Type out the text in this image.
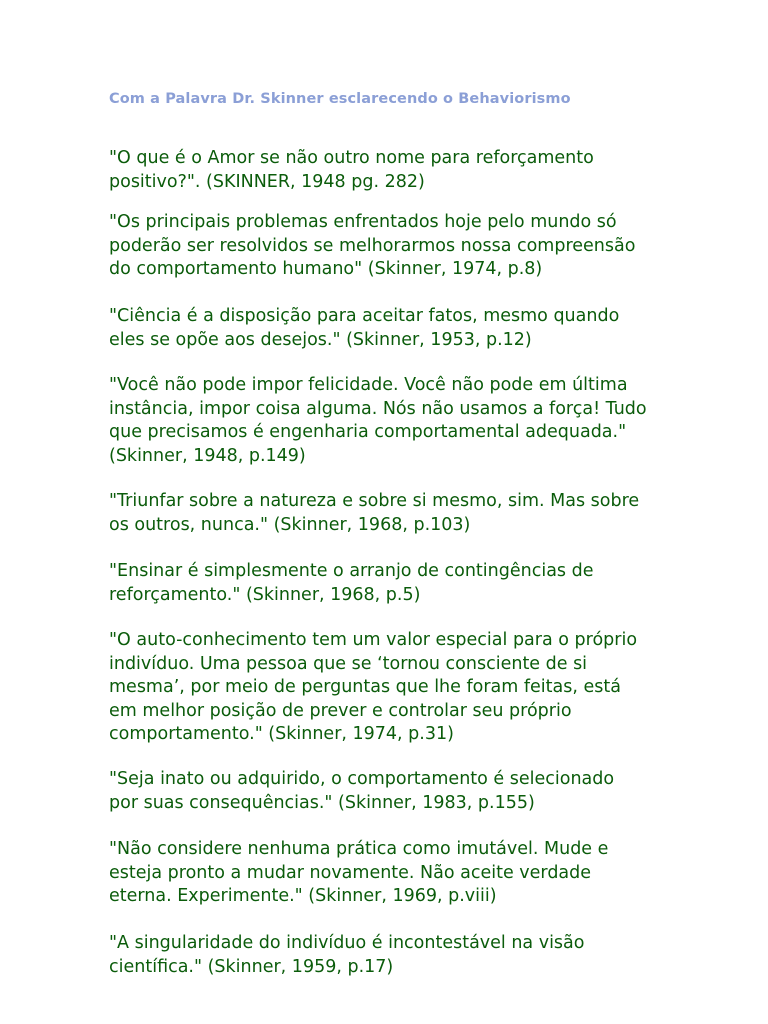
Com a Palavra Dr. Skinner esclarecendo o Behaviorismo
"O que é o Amor se não outro nome para reforçamento
positivo?". (SKINNER, 1948 pg. 282)
"Os principais problemas enfrentados hoje pelo mundo só
poderão ser resolvidos se melhorarmos nossa compreensão
do comportamento humano" (Skinner, 1974, p.8)
"Ciência é a disposição para aceitar fatos, mesmo quando
eles se opõe aos desejos." (Skinner, 1953, p.12)
"Você não pode impor felicidade. Você não pode em última
instância, impor coisa alguma. Nós não usamos a força! Tudo
que precisamos é engenharia comportamental adequada."
(Skinner, 1948, p.149)
"Triunfar sobre a natureza e sobre si mesmo, sim. Mas sobre
os outros, nunca." (Skinner, 1968, p.103)
"Ensinar é simplesmente o arranjo de contingências de
reforçamento." (Skinner, 1968, p.5)
"O auto-conhecimento tem um valor especial para o próprio
indivíduo. Uma pessoa que se ‘tornou consciente de si
mesma’, por meio de perguntas que lhe foram feitas, está
em melhor posição de prever e controlar seu próprio
comportamento." (Skinner, 1974, p.31)
"Seja inato ou adquirido, o comportamento é selecionado
por suas consequências." (Skinner, 1983, p.155)
"Não considere nenhuma prática como imutável. Mude e
esteja pronto a mudar novamente. Não aceite verdade
eterna. Experimente." (Skinner, 1969, p.viii)
"A singularidade do indivíduo é incontestável na visão
científica." (Skinner, 1959, p.17)
